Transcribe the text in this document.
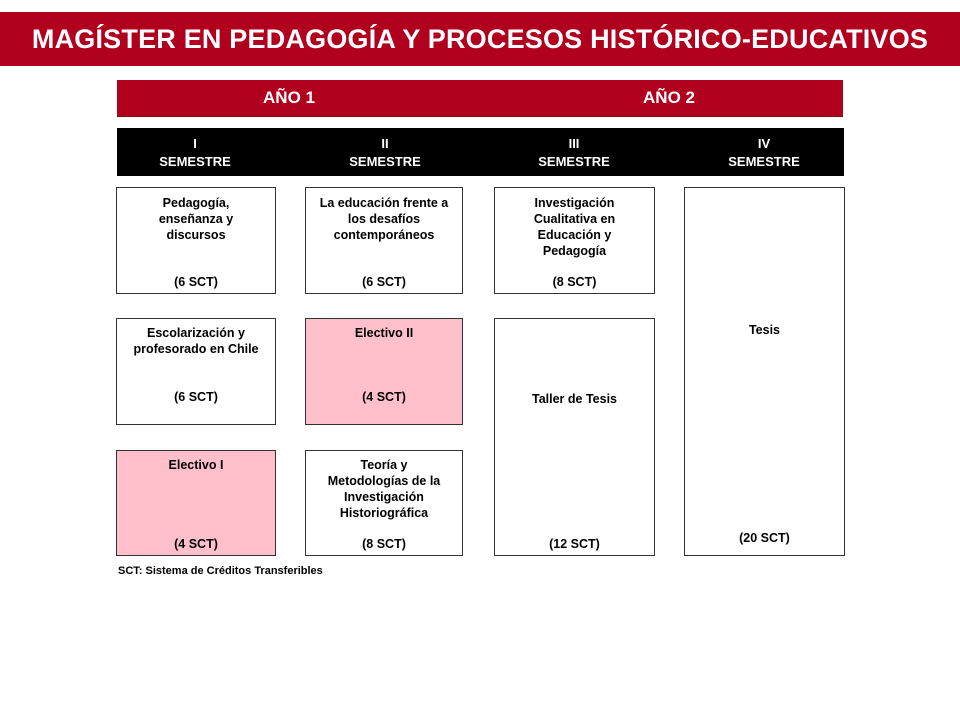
MAGÍSTER EN PEDAGOGÍA Y PROCESOS HISTÓRICO-EDUCATIVOS
AÑO 1	AÑO 2
I
SEMESTRE
II
SEMESTRE
III
SEMESTRE
IV
SEMESTRE
Pedagogía, enseñanza y discursos
(6 SCT)
Escolarización y profesorado en Chile
(6 SCT)
Electivo I
(4 SCT)
La educación frente a los desafíos contemporáneos
(6 SCT)
Electivo II
(4 SCT)
Teoría y Metodologías de la Investigación Historiográfica
(8 SCT)
Investigación Cualitativa en Educación y Pedagogía
(8 SCT)
Taller de Tesis
(12 SCT)
Tesis
(20 SCT)
SCT: Sistema de Créditos Transferibles
